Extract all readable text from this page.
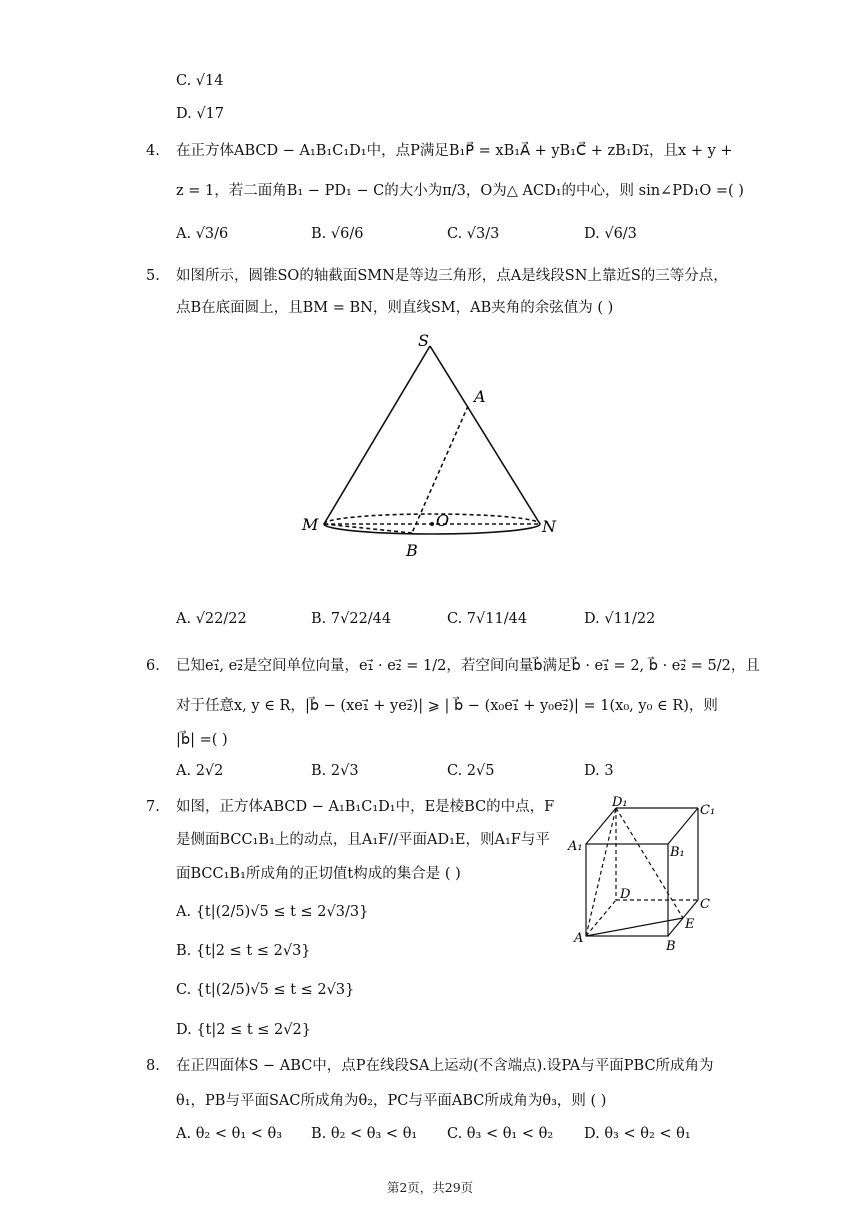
C. √14
D. √17
4. 在正方体ABCD − A₁B₁C₁D₁中，点P满足B₁P⃗ = xB₁A⃗ + yB₁C⃗ + zB₁D₁⃗，且x + y +
z = 1，若二面角B₁ − PD₁ − C的大小为π/3，O为△ ACD₁的中心，则 sin∠PD₁O =( )
A. √3/6	B. √6/6	C. √3/3	D. √6/3
5. 如图所示，圆锥SO的轴截面SMN是等边三角形，点A是线段SN上靠近S的三等分点，
点B在底面圆上，且BM = BN，则直线SM，AB夹角的余弦值为 ( )
S
A
M	O	N
B
A. √22/22	B. 7√22/44	C. 7√11/44	D. √11/22
6. 已知e₁⃗, e₂⃗是空间单位向量，e₁⃗ · e₂⃗ = 1/2，若空间向量b⃗满足b⃗ · e₁⃗ = 2, b⃗ · e₂⃗ = 5/2，且
对于任意x, y ∈ R，|b⃗ − (xe₁⃗ + ye₂⃗)| ⩾ | b⃗ − (x₀e₁⃗ + y₀e₂⃗)| = 1(x₀, y₀ ∈ R)，则
|b⃗| =( )
A. 2√2	B. 2√3	C. 2√5	D. 3
7. 如图，正方体ABCD − A₁B₁C₁D₁中，E是棱BC的中点，F
是侧面BCC₁B₁上的动点，且A₁F//平面AD₁E，则A₁F与平
面BCC₁B₁所成角的正切值t构成的集合是 ( )
A. {t|(2/5)√5 ≤ t ≤ 2√3/3}
B. {t|2 ≤ t ≤ 2√3}
C. {t|(2/5)√5 ≤ t ≤ 2√3}
D. {t|2 ≤ t ≤ 2√2}
D₁
C₁
A₁	B₁
D
C
A
E
B
8. 在正四面体S − ABC中，点P在线段SA上运动(不含端点).设PA与平面PBC所成角为
θ₁，PB与平面SAC所成角为θ₂，PC与平面ABC所成角为θ₃，则 ( )
A. θ₂ < θ₁ < θ₃ B. θ₂ < θ₃ < θ₁ C. θ₃ < θ₁ < θ₂ D. θ₃ < θ₂ < θ₁
第2页，共29页
